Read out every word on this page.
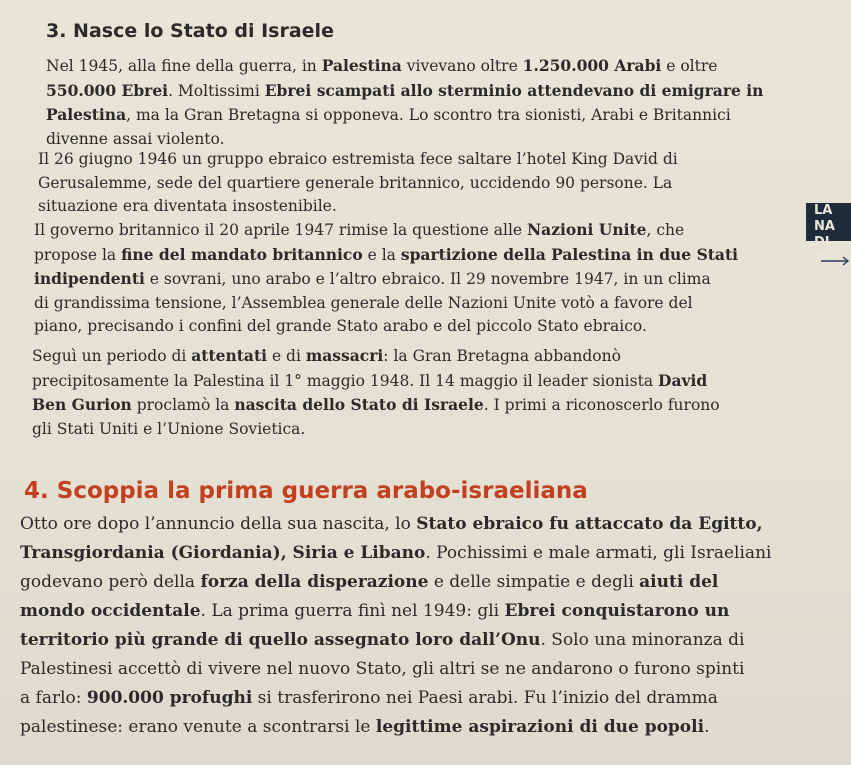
3. Nasce lo Stato di Israele

Nel 1945, alla fine della guerra, in Palestina vivevano oltre 1.250.000 Arabi e oltre
550.000 Ebrei. Moltissimi Ebrei scampati allo sterminio attendevano di emigrare in
Palestina, ma la Gran Bretagna si opponeva. Lo scontro tra sionisti, Arabi e Britannici
divenne assai violento.

Il 26 giugno 1946 un gruppo ebraico estremista fece saltare l’hotel King David di
Gerusalemme, sede del quartiere generale britannico, uccidendo 90 persone. La
situazione era diventata insostenibile.

Il governo britannico il 20 aprile 1947 rimise la questione alle Nazioni Unite, che
propose la fine del mandato britannico e la spartizione della Palestina in due Stati
indipendenti e sovrani, uno arabo e l’altro ebraico. Il 29 novembre 1947, in un clima
di grandissima tensione, l’Assemblea generale delle Nazioni Unite votò a favore del
piano, precisando i confini del grande Stato arabo e del piccolo Stato ebraico.

Seguì un periodo di attentati e di massacri: la Gran Bretagna abbandonò
precipitosamente la Palestina il 1° maggio 1948. Il 14 maggio il leader sionista David
Ben Gurion proclamò la nascita dello Stato di Israele. I primi a riconoscerlo furono
gli Stati Uniti e l’Unione Sovietica.

4. Scoppia la prima guerra arabo-israeliana

Otto ore dopo l’annuncio della sua nascita, lo Stato ebraico fu attaccato da Egitto,
Transgiordania (Giordania), Siria e Libano. Pochissimi e male armati, gli Israeliani
godevano però della forza della disperazione e delle simpatie e degli aiuti del
mondo occidentale. La prima guerra finì nel 1949: gli Ebrei conquistarono un
territorio più grande di quello assegnato loro dall’Onu. Solo una minoranza di
Palestinesi accettò di vivere nel nuovo Stato, gli altri se ne andarono o furono spinti
a farlo: 900.000 profughi si trasferirono nei Paesi arabi. Fu l’inizio del dramma
palestinese: erano venute a scontrarsi le legittime aspirazioni di due popoli.

LA NA
DI ISR
